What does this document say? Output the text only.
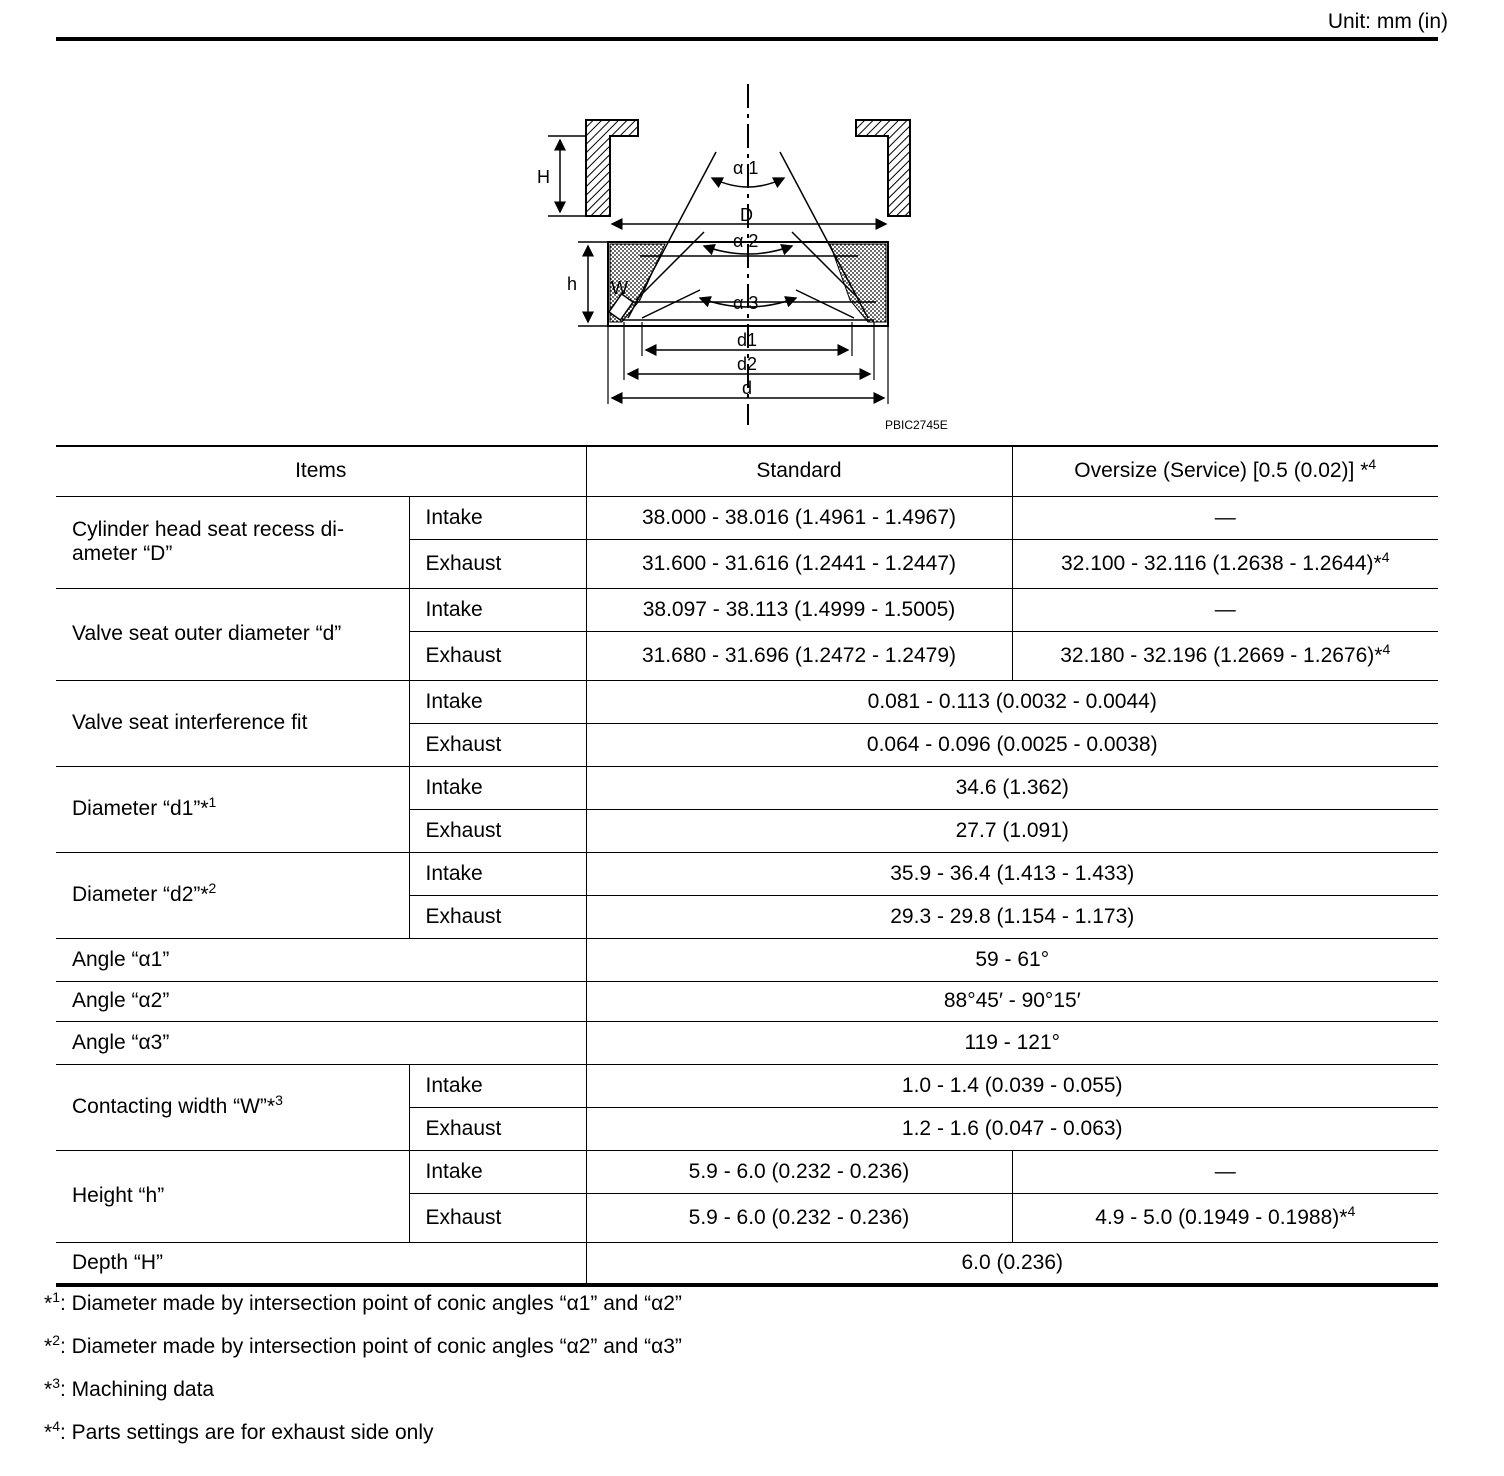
Unit: mm (in)
H
D
h W
α 1
α 2
α 3
d1
d2
d
PBIC2745E
Items		Standard	Oversize (Service) [0.5 (0.02)] *$^4$
Cylinder head seat recess di-ameter “D”	Intake	38.000 - 38.016 (1.4961 - 1.4967)	—
	Exhaust	31.600 - 31.616 (1.2441 - 1.2447)	32.100 - 32.116 (1.2638 - 1.2644)*$^4$
Valve seat outer diameter “d”	Intake	38.097 - 38.113 (1.4999 - 1.5005)	—
	Exhaust	31.680 - 31.696 (1.2472 - 1.2479)	32.180 - 32.196 (1.2669 - 1.2676)*$^4$
Valve seat interference fit	Intake	0.081 - 0.113 (0.0032 - 0.0044)	
	Exhaust	0.064 - 0.096 (0.0025 - 0.0038)	
Diameter “d1”*$^1$	Intake	34.6 (1.362)	
	Exhaust	27.7 (1.091)	
Diameter “d2”*$^2$	Intake	35.9 - 36.4 (1.413 - 1.433)	
	Exhaust	29.3 - 29.8 (1.154 - 1.173)	
Angle “α1”		59 - 61°	
Angle “α2”		88°45′ - 90°15′	
Angle “α3”		119 - 121°	
Contacting width “W”*$^3$	Intake	1.0 - 1.4 (0.039 - 0.055)	
	Exhaust	1.2 - 1.6 (0.047 - 0.063)	
Height “h”	Intake	5.9 - 6.0 (0.232 - 0.236)	—
	Exhaust	5.9 - 6.0 (0.232 - 0.236)	4.9 - 5.0 (0.1949 - 0.1988)*$^4$
Depth “H”		6.0 (0.236)	
*$^1$: Diameter made by intersection point of conic angles “α1” and “α2”
*$^2$: Diameter made by intersection point of conic angles “α2” and “α3”
*$^3$: Machining data
*$^4$: Parts settings are for exhaust side only
